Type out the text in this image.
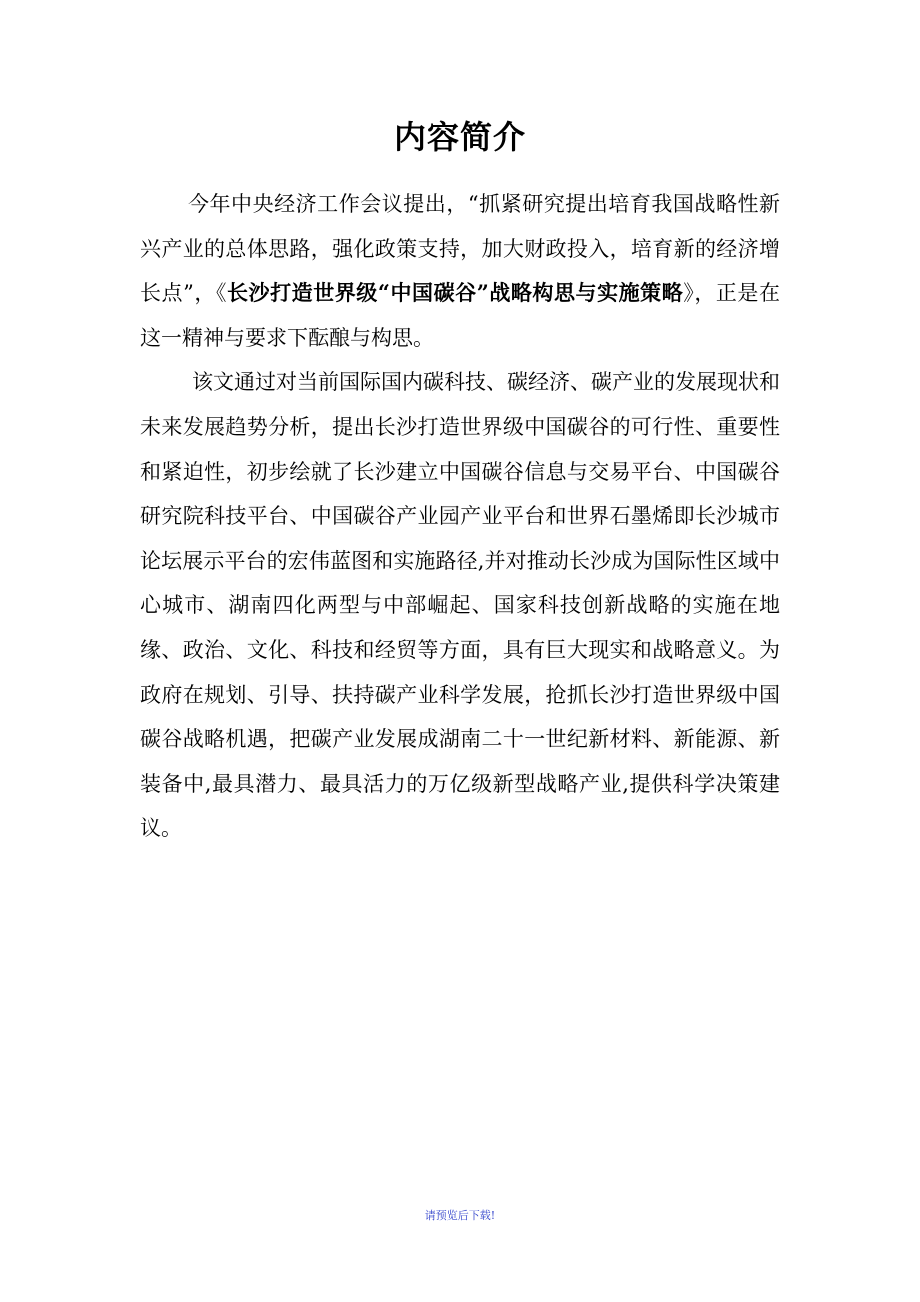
内容简介

今年中央经济工作会议提出，“抓紧研究提出培育我国战略性新兴产业的总体思路，强化政策支持，加大财政投入，培育新的经济增长点”，《长沙打造世界级“中国碳谷”战略构思与实施策略》，正是在这一精神与要求下酝酿与构思。

该文通过对当前国际国内碳科技、碳经济、碳产业的发展现状和未来发展趋势分析，提出长沙打造世界级中国碳谷的可行性、重要性和紧迫性，初步绘就了长沙建立中国碳谷信息与交易平台、中国碳谷研究院科技平台、中国碳谷产业园产业平台和世界石墨烯即长沙城市论坛展示平台的宏伟蓝图和实施路径,并对推动长沙成为国际性区域中心城市、湖南四化两型与中部崛起、国家科技创新战略的实施在地缘、政治、文化、科技和经贸等方面，具有巨大现实和战略意义。为政府在规划、引导、扶持碳产业科学发展，抢抓长沙打造世界级中国碳谷战略机遇，把碳产业发展成湖南二十一世纪新材料、新能源、新装备中,最具潜力、最具活力的万亿级新型战略产业,提供科学决策建议。

请预览后下载!
